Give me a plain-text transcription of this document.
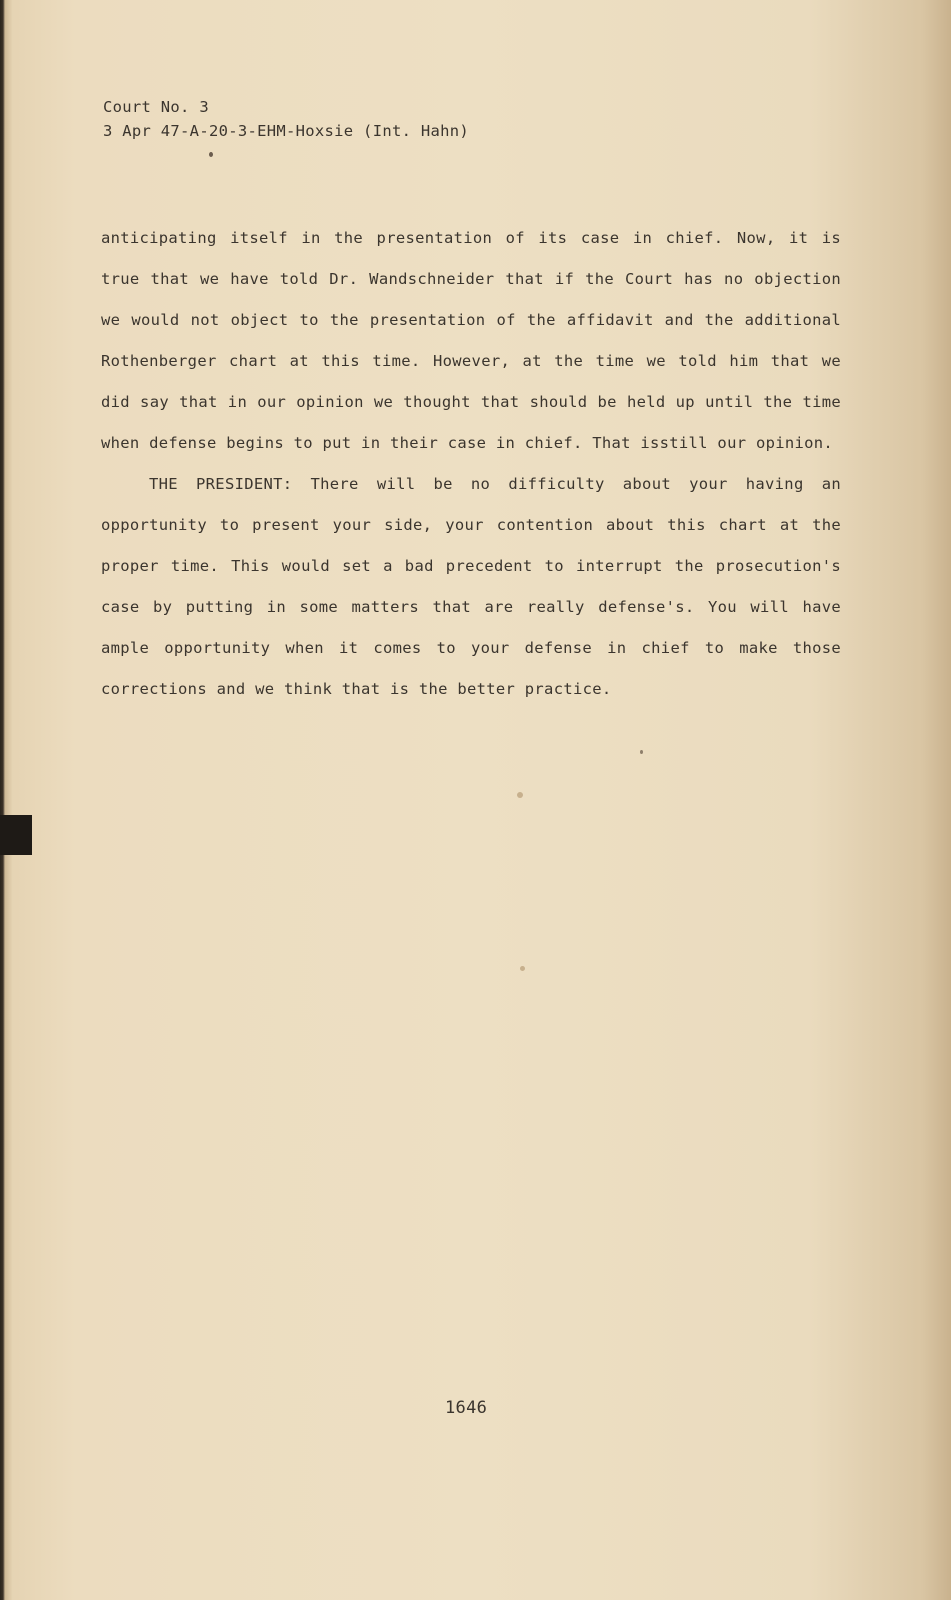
Court No. 3
3 Apr 47-A-20-3-EHM-Hoxsie (Int. Hahn)

anticipating itself in the presentation of its case in chief. Now, it is true that we have told Dr. Wandschneider that if the Court has no objection we would not object to the presentation of the affidavit and the additional Rothenberger chart at this time. However, at the time we told him that we did say that in our opinion we thought that should be held up until the time when defense begins to put in their case in chief. That isstill our opinion.

THE PRESIDENT: There will be no difficulty about your having an opportunity to present your side, your contention about this chart at the proper time. This would set a bad precedent to interrupt the prosecution's case by putting in some matters that are really defense's. You will have ample opportunity when it comes to your defense in chief to make those corrections and we think that is the better practice.

1646
